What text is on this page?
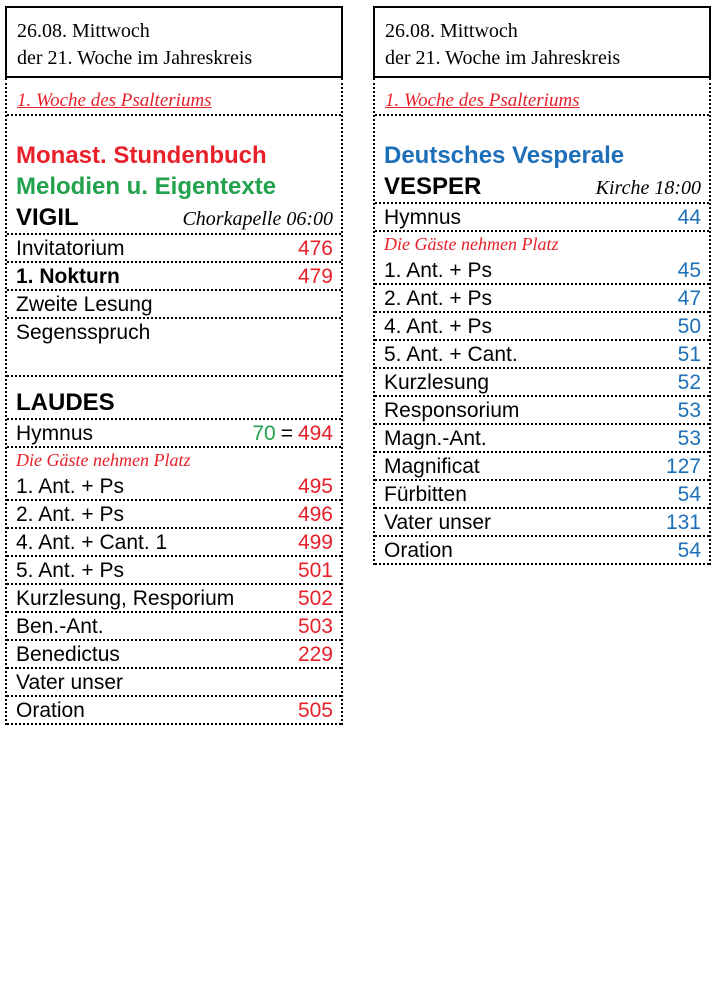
26.08. Mittwoch
der 21. Woche im Jahreskreis
1. Woche des Psalteriums
Monast. Stundenbuch
Melodien u. Eigentexte
VIGIL	Chorkapelle 06:00
Invitatorium	476
1. Nokturn	479
Zweite Lesung
Segensspruch
LAUDES
Hymnus	70 = 494
Die Gäste nehmen Platz
1. Ant. + Ps	495
2. Ant. + Ps	496
4. Ant. + Cant. 1	499
5. Ant. + Ps	501
Kurzlesung, Resporium	502
Ben.-Ant.	503
Benedictus	229
Vater unser
Oration	505
26.08. Mittwoch
der 21. Woche im Jahreskreis
1. Woche des Psalteriums
Deutsches Vesperale
VESPER	Kirche 18:00
Hymnus	44
Die Gäste nehmen Platz
1. Ant. + Ps	45
2. Ant. + Ps	47
4. Ant. + Ps	50
5. Ant. + Cant.	51
Kurzlesung	52
Responsorium	53
Magn.-Ant.	53
Magnificat	127
Fürbitten	54
Vater unser	131
Oration	54
